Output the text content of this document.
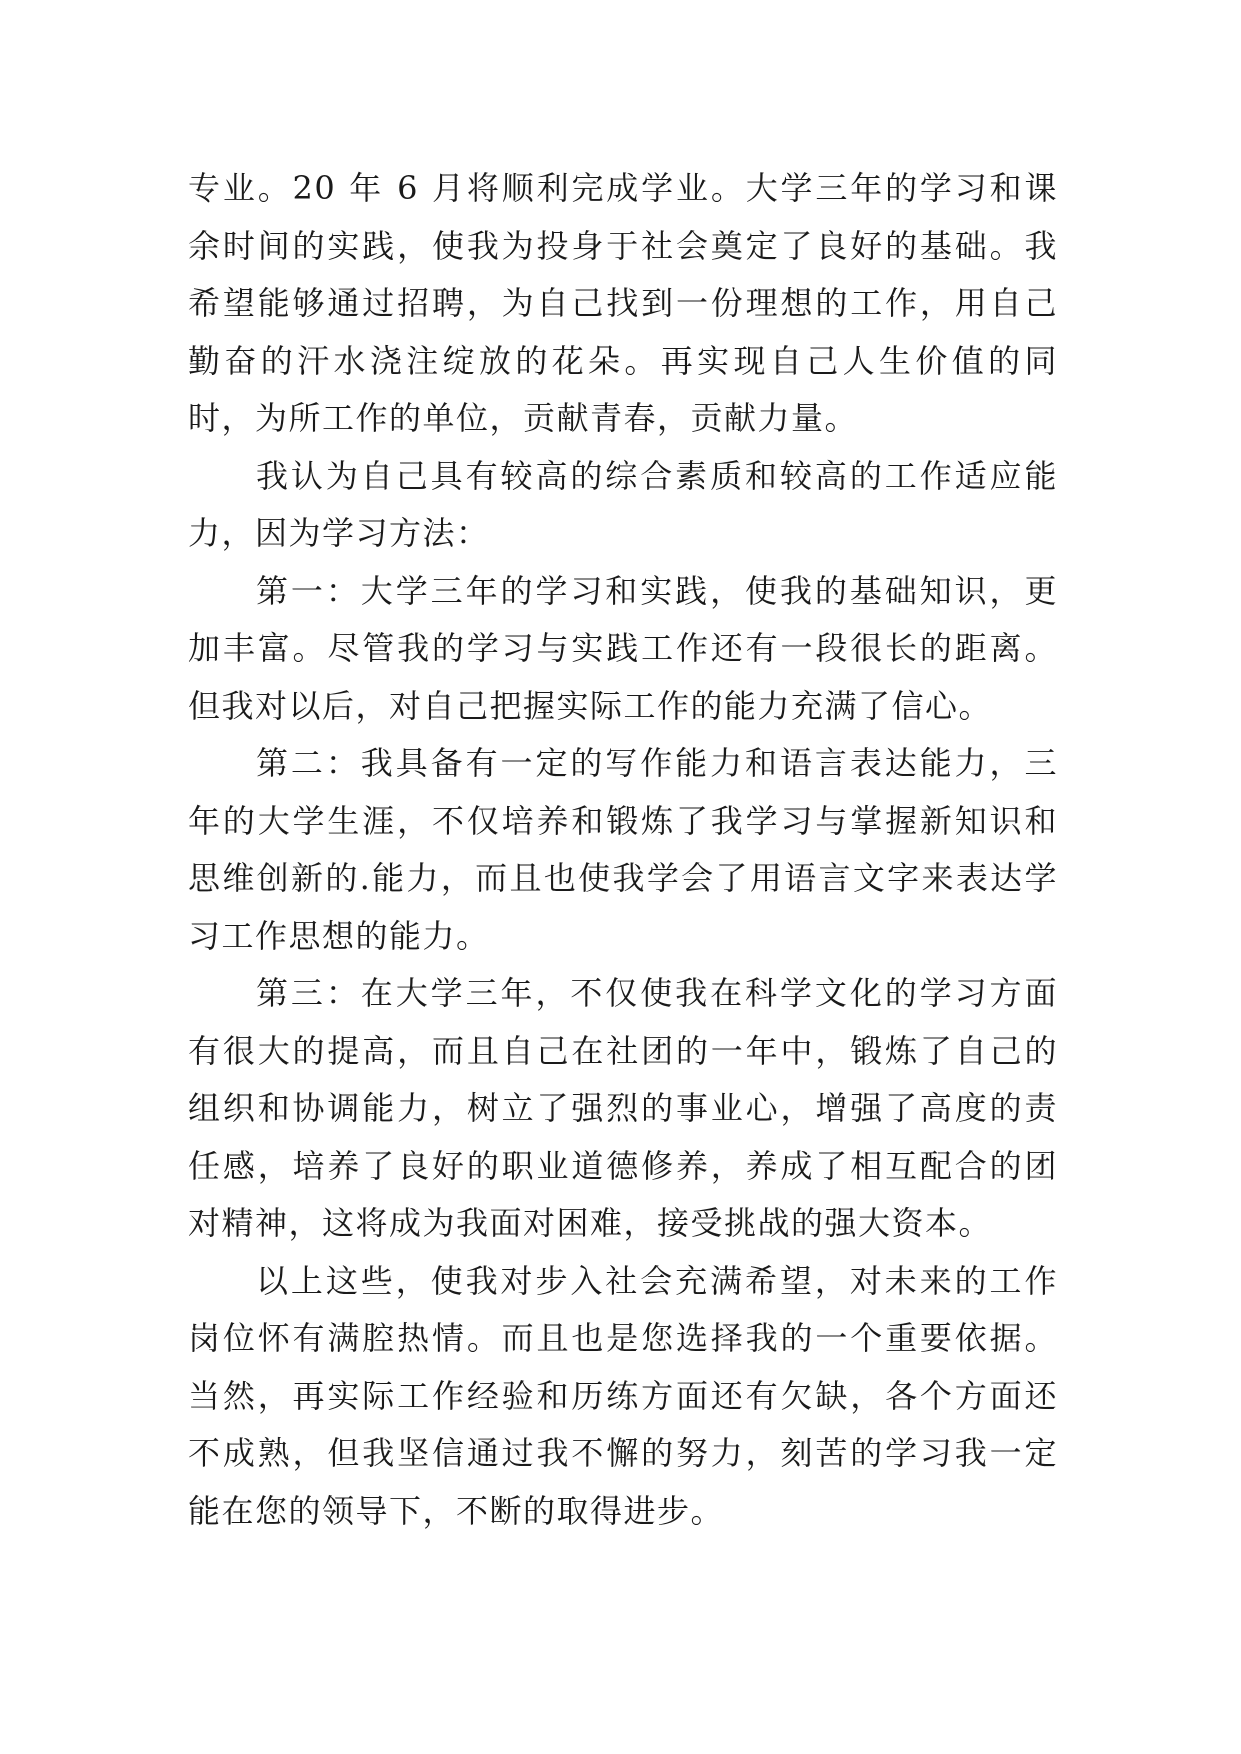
专业。20 年 6 月将顺利完成学业。大学三年的学习和课余时间的实践，使我为投身于社会奠定了良好的基础。我希望能够通过招聘，为自己找到一份理想的工作，用自己勤奋的汗水浇注绽放的花朵。再实现自己人生价值的同时，为所工作的单位，贡献青春，贡献力量。

我认为自己具有较高的综合素质和较高的工作适应能力，因为学习方法：

第一：大学三年的学习和实践，使我的基础知识，更加丰富。尽管我的学习与实践工作还有一段很长的距离。但我对以后，对自己把握实际工作的能力充满了信心。

第二：我具备有一定的写作能力和语言表达能力，三年的大学生涯，不仅培养和锻炼了我学习与掌握新知识和思维创新的.能力，而且也使我学会了用语言文字来表达学习工作思想的能力。

第三：在大学三年，不仅使我在科学文化的学习方面有很大的提高，而且自己在社团的一年中，锻炼了自己的组织和协调能力，树立了强烈的事业心，增强了高度的责任感，培养了良好的职业道德修养，养成了相互配合的团对精神，这将成为我面对困难，接受挑战的强大资本。

以上这些，使我对步入社会充满希望，对未来的工作岗位怀有满腔热情。而且也是您选择我的一个重要依据。当然，再实际工作经验和历练方面还有欠缺，各个方面还不成熟，但我坚信通过我不懈的努力，刻苦的学习我一定能在您的领导下，不断的取得进步。
